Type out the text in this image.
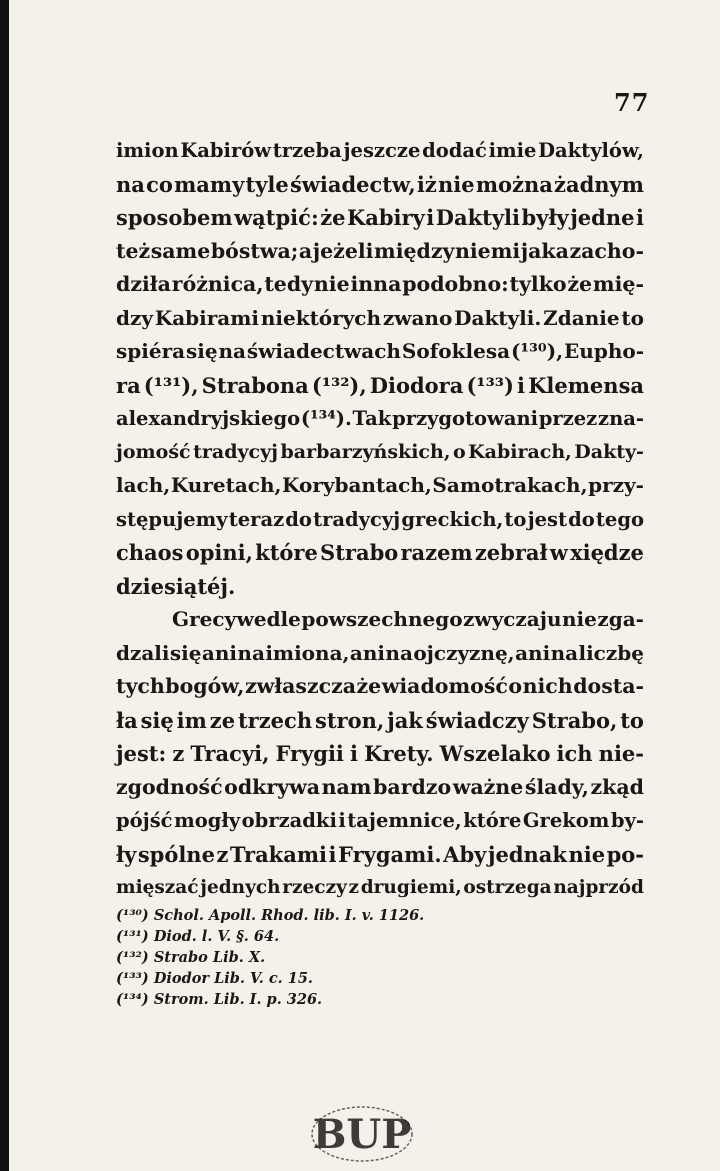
77
imion Kabirów trzeba jeszcze dodać imie Daktylów,
na co mamy tyle świadectw, iż nie można żadnym
sposobem wątpić: że Kabiry i Daktyli były jedne i
też same bóstwa; a jeżeli między niemi jaka zacho-
dziła różnica, tedy nie inna podobno: tylko że mię-
dzy Kabirami niektórych zwano Daktyli. Zdanie to
spiéra się na świadectwach Sofoklesa (¹³⁰), Eupho-
ra (¹³¹), Strabona (¹³²), Diodora (¹³³) i Klemensa
alexandryjskiego (¹³⁴). Tak przygotowani przez zna-
jomość tradycyj barbarzyńskich, o Kabirach, Dakty-
lach, Kuretach, Korybantach, Samotrakach, przy-
stępujemy teraz do tradycyj greckich, to jest do tego
chaos opini, które Strabo razem zebrał w xiędze
dziesiątéj.
Grecy wedle powszechnego zwyczaju nie zga-
dzali się ani na imiona, ani na ojczyznę, ani na liczbę
tych bogów, zwłaszcza że wiadomość o nich dosta-
ła się im ze trzech stron, jak świadczy Strabo, to
jest: z Tracyi, Frygii i Krety. Wszelako ich nie-
zgodność odkrywa nam bardzo ważne ślady, zkąd
pójść mogły obrzadki i tajemnice, które Grekom by-
ły spólne z Trakami i Frygami. Aby jednak nie po-
mięszać jednych rzeczy z drugiemi, ostrzega najprzód
(¹³⁰) Schol. Apoll. Rhod. lib. I. v. 1126.
(¹³¹) Diod. l. V. §. 64.
(¹³²) Strabo Lib. X.
(¹³³) Diodor Lib. V. c. 15.
(¹³⁴) Strom. Lib. I. p. 326.
BUP
